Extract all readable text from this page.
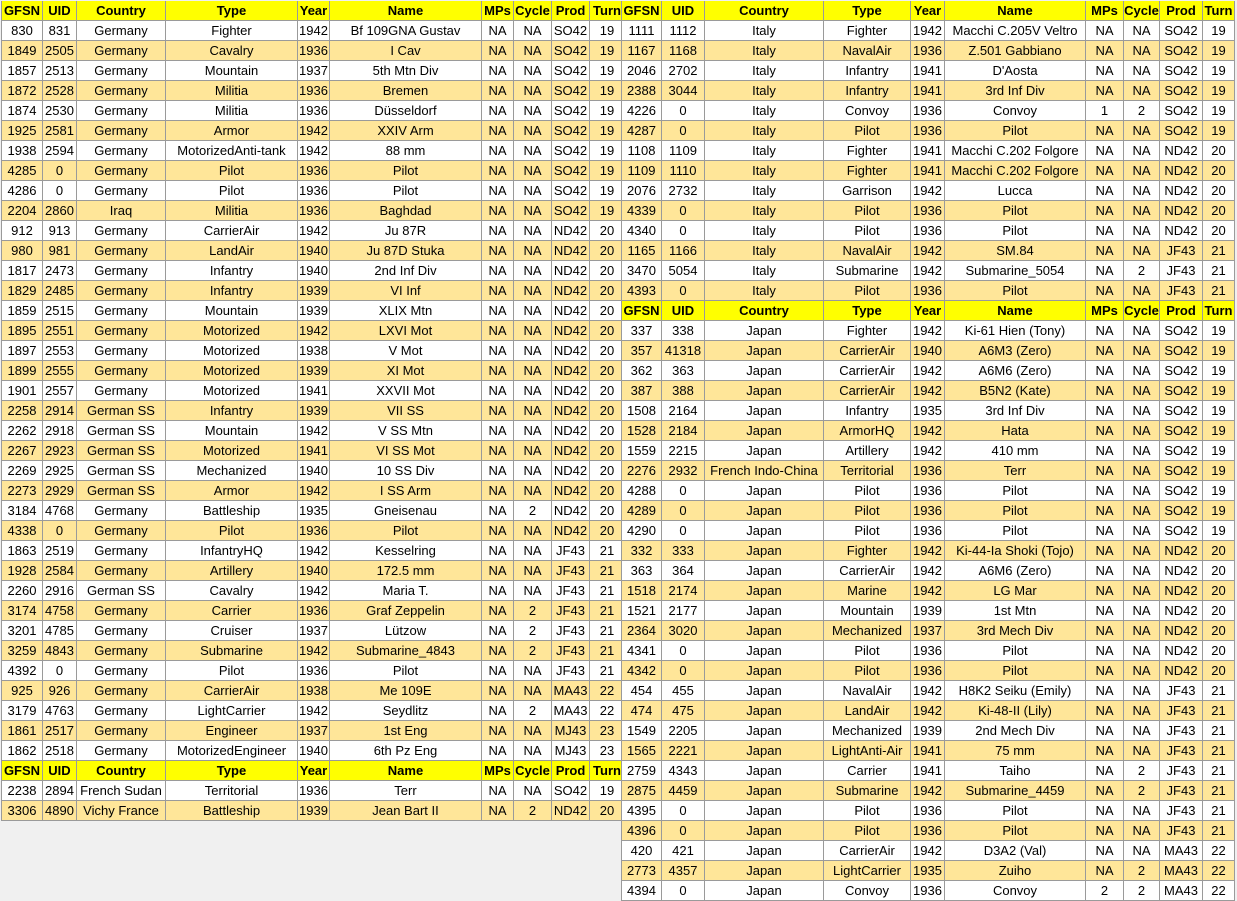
GFSN UID	Country	Type	Year	Name	MPs Cycle Prod Turn
830	831	Germany	Fighter	1942	Bf 109GNA Gustav	NA	NA SO42 19
1849 2505	Germany	Cavalry	1936	I Cav	NA	NA SO42 19
1857 2513	Germany	Mountain	1937	5th Mtn Div	NA	NA SO42 19
1872 2528	Germany	Militia	1936	Bremen	NA	NA SO42 19
1874 2530	Germany	Militia	1936	Düsseldorf	NA	NA SO42 19
1925 2581	Germany	Armor	1942	XXIV Arm	NA	NA SO42 19
1938 2594	Germany	MotorizedAnti-tank	1942	88 mm	NA	NA SO42 19
4285	0	Germany	Pilot	1936	Pilot	NA	NA SO42 19
4286	0	Germany	Pilot	1936	Pilot	NA	NA SO42 19
2204 2860	Iraq	Militia	1936	Baghdad	NA	NA SO42 19
912	913	Germany	CarrierAir	1942	Ju 87R	NA	NA ND42 20
980	981	Germany	LandAir	1940	Ju 87D Stuka	NA	NA ND42 20
1817 2473	Germany	Infantry	1940	2nd Inf Div	NA	NA ND42 20
1829 2485	Germany	Infantry	1939	VI Inf	NA	NA ND42 20
1859 2515	Germany	Mountain	1939	XLIX Mtn	NA	NA ND42 20
1895 2551	Germany	Motorized	1942	LXVI Mot	NA	NA ND42 20
1897 2553	Germany	Motorized	1938	V Mot	NA	NA ND42 20
1899 2555	Germany	Motorized	1939	XI Mot	NA	NA ND42 20
1901 2557	Germany	Motorized	1941	XXVII Mot	NA	NA ND42 20
2258 2914	German SS	Infantry	1939	VII SS	NA	NA ND42 20
2262 2918	German SS	Mountain	1942	V SS Mtn	NA	NA ND42 20
2267 2923	German SS	Motorized	1941	VI SS Mot	NA	NA ND42 20
2269 2925	German SS	Mechanized	1940	10 SS Div	NA	NA ND42 20
2273 2929	German SS	Armor	1942	I SS Arm	NA	NA ND42 20
3184 4768	Germany	Battleship	1935	Gneisenau	NA	2	ND42 20
4338	0	Germany	Pilot	1936	Pilot	NA	NA ND42 20
1863 2519	Germany	InfantryHQ	1942	Kesselring	NA	NA	JF43	21
1928 2584	Germany	Artillery	1940	172.5 mm	NA	NA	JF43	21
2260 2916	German SS	Cavalry	1942	Maria T.	NA	NA	JF43	21
3174 4758	Germany	Carrier	1936	Graf Zeppelin	NA	2	JF43	21
3201 4785	Germany	Cruiser	1937	Lützow	NA	2	JF43	21
3259 4843	Germany	Submarine	1942	Submarine_4843	NA	2	JF43	21
4392	0	Germany	Pilot	1936	Pilot	NA	NA	JF43	21
925	926	Germany	CarrierAir	1938	Me 109E	NA	NA MA43 22
3179 4763	Germany	LightCarrier	1942	Seydlitz	NA	2	MA43 22
1861 2517	Germany	Engineer	1937	1st Eng	NA	NA	MJ43	23
1862 2518	Germany	MotorizedEngineer 1940	6th Pz Eng	NA	NA	MJ43	23
GFSN UID	Country	Type	Year	Name	MPs Cycle Prod Turn
2238 2894 French Sudan	Territorial	1936	Terr	NA	NA SO42 19
3306 4890 Vichy France	Battleship	1939	Jean Bart II	NA	2	ND42 20
GFSN UID	Country	Type	Year	Name	MPs Cycle Prod Turn
1111	1112	Italy	Fighter	1942 Macchi C.205V Veltro	NA	NA	SO42	19
1167	1168	Italy	NavalAir	1936	Z.501 Gabbiano	NA	NA	SO42	19
2046 2702	Italy	Infantry	1941	D'Aosta	NA	NA	SO42	19
2388 3044	Italy	Infantry	1941	3rd Inf Div	NA	NA	SO42	19
4226	0	Italy	Convoy	1936	Convoy	1	2	SO42	19
4287	0	Italy	Pilot	1936	Pilot	NA	NA	SO42	19
1108	1109	Italy	Fighter	1941 Macchi C.202 Folgore	NA	NA	ND42	20
1109	1110	Italy	Fighter	1941 Macchi C.202 Folgore	NA	NA	ND42	20
2076 2732	Italy	Garrison	1942	Lucca	NA	NA	ND42	20
4339	0	Italy	Pilot	1936	Pilot	NA	NA	ND42	20
4340	0	Italy	Pilot	1936	Pilot	NA	NA	ND42	20
1165	1166	Italy	NavalAir	1942	SM.84	NA	NA	JF43	21
3470 5054	Italy	Submarine	1942	Submarine_5054	NA	2	JF43	21
4393	0	Italy	Pilot	1936	Pilot	NA	NA	JF43	21
GFSN UID	Country	Type	Year	Name	MPs Cycle Prod Turn
337	338	Japan	Fighter	1942	Ki-61 Hien (Tony)	NA	NA	SO42	19
357 41318	Japan	CarrierAir	1940	A6M3 (Zero)	NA	NA	SO42	19
362	363	Japan	CarrierAir	1942	A6M6 (Zero)	NA	NA	SO42	19
387	388	Japan	CarrierAir	1942	B5N2 (Kate)	NA	NA	SO42	19
1508 2164	Japan	Infantry	1935	3rd Inf Div	NA	NA	SO42	19
1528 2184	Japan	ArmorHQ	1942	Hata	NA	NA	SO42	19
1559 2215	Japan	Artillery	1942	410 mm	NA	NA	SO42	19
2276 2932 French Indo-China	Territorial	1936	Terr	NA	NA	SO42	19
4288	0	Japan	Pilot	1936	Pilot	NA	NA	SO42	19
4289	0	Japan	Pilot	1936	Pilot	NA	NA	SO42	19
4290	0	Japan	Pilot	1936	Pilot	NA	NA	SO42	19
332	333	Japan	Fighter	1942	Ki-44-Ia Shoki (Tojo)	NA	NA	ND42	20
363	364	Japan	CarrierAir	1942	A6M6 (Zero)	NA	NA	ND42	20
1518 2174	Japan	Marine	1942	LG Mar	NA	NA	ND42	20
1521 2177	Japan	Mountain	1939	1st Mtn	NA	NA	ND42	20
2364 3020	Japan	Mechanized 1937	3rd Mech Div	NA	NA	ND42	20
4341	0	Japan	Pilot	1936	Pilot	NA	NA	ND42	20
4342	0	Japan	Pilot	1936	Pilot	NA	NA	ND42	20
454	455	Japan	NavalAir	1942	H8K2 Seiku (Emily)	NA	NA	JF43	21
474	475	Japan	LandAir	1942	Ki-48-II (Lily)	NA	NA	JF43	21
1549 2205	Japan	Mechanized 1939	2nd Mech Div	NA	NA	JF43	21
1565 2221	Japan	LightAnti-Air 1941	75 mm	NA	NA	JF43	21
2759 4343	Japan	Carrier	1941	Taiho	NA	2	JF43	21
2875 4459	Japan	Submarine	1942	Submarine_4459	NA	2	JF43	21
4395	0	Japan	Pilot	1936	Pilot	NA	NA	JF43	21
4396	0	Japan	Pilot	1936	Pilot	NA	NA	JF43	21
420	421	Japan	CarrierAir	1942	D3A2 (Val)	NA	NA	MA43	22
2773 4357	Japan	LightCarrier 1935	Zuiho	NA	2	MA43	22
4394	0	Japan	Convoy	1936	Convoy	2	2	MA43	22
